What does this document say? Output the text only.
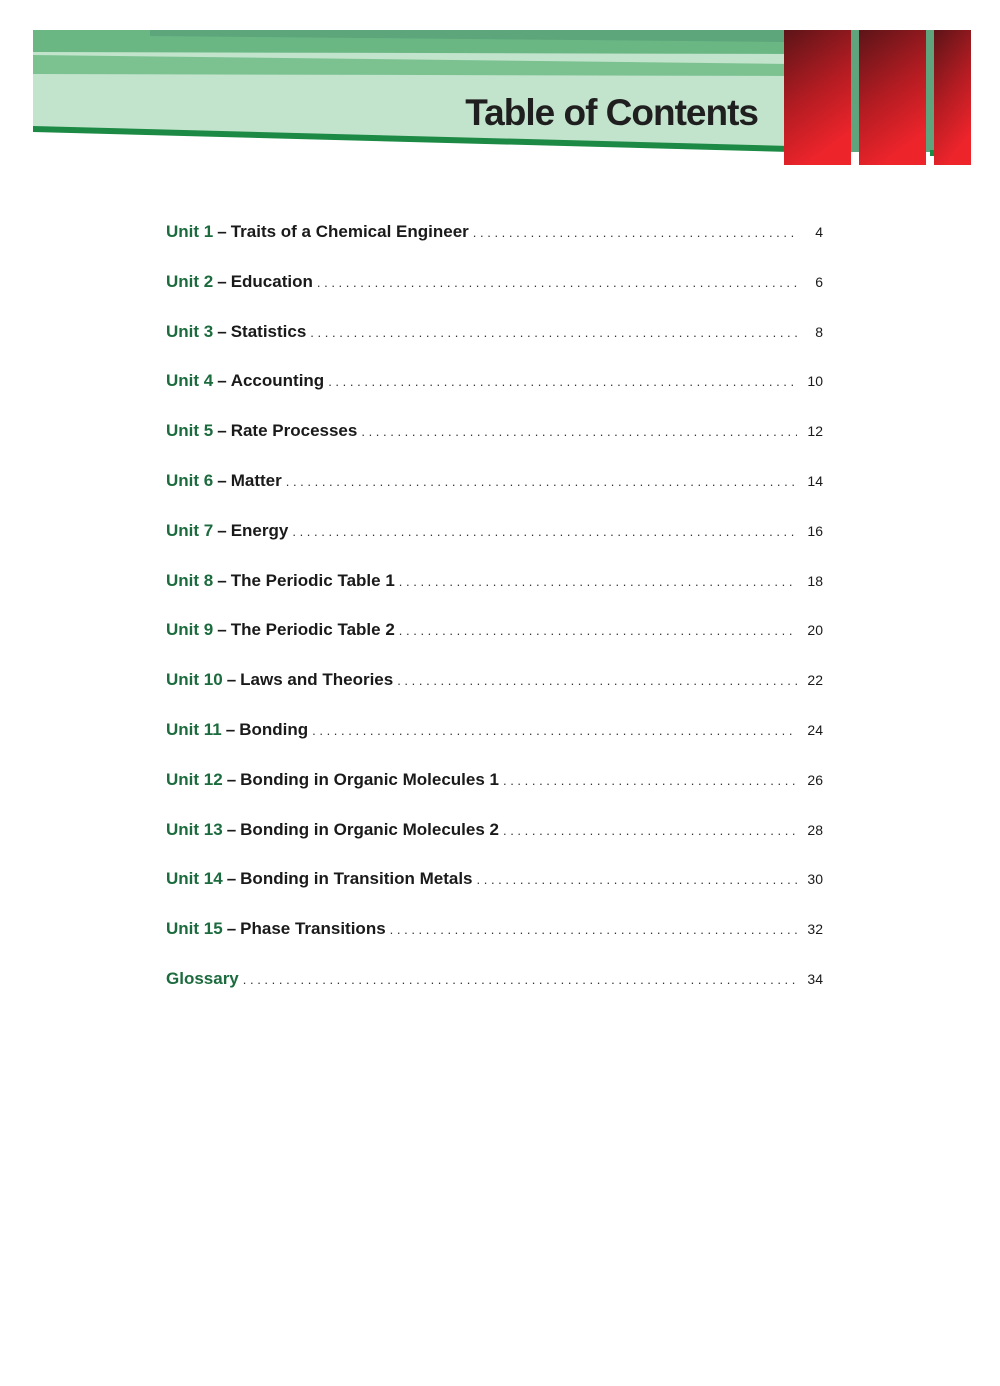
Table of Contents
Unit 1 – Traits of a Chemical Engineer . . .	4
Unit 2 – Education . . .	6
Unit 3 – Statistics . . .	8
Unit 4 – Accounting . . .	10
Unit 5 – Rate Processes . . .	12
Unit 6 – Matter . . .	14
Unit 7 – Energy . . .	16
Unit 8 – The Periodic Table 1 . . .	18
Unit 9 – The Periodic Table 2 . . .	20
Unit 10 – Laws and Theories . . .	22
Unit 11 – Bonding . . .	24
Unit 12 – Bonding in Organic Molecules 1 . . .	26
Unit 13 – Bonding in Organic Molecules 2 . . .	28
Unit 14 – Bonding in Transition Metals . . .	30
Unit 15 – Phase Transitions . . .	32
Glossary . . .	34
